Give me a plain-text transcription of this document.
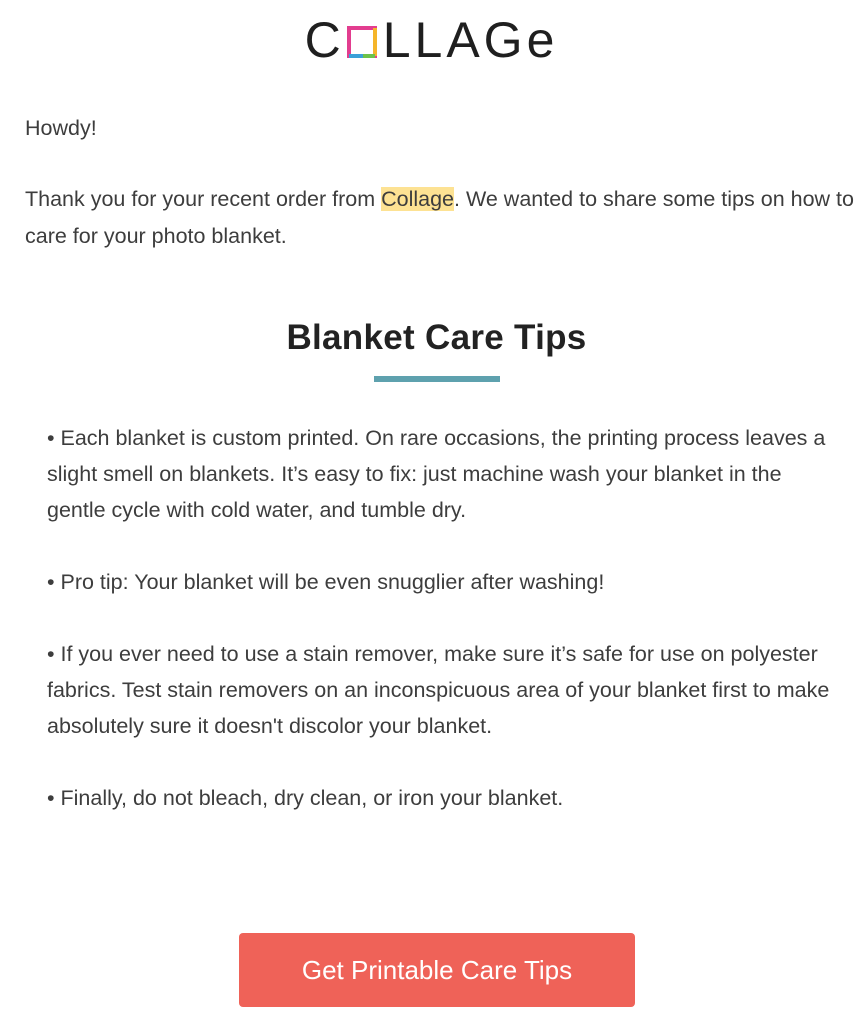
C LLAGe

Howdy!

Thank you for your recent order from Collage. We wanted to share some tips on how to care for your photo blanket.

Blanket Care Tips
• Each blanket is custom printed. On rare occasions, the printing process leaves a slight smell on blankets. It’s easy to fix: just machine wash your blanket in the gentle cycle with cold water, and tumble dry.
• Pro tip: Your blanket will be even snugglier after washing!
• If you ever need to use a stain remover, make sure it’s safe for use on polyester fabrics. Test stain removers on an inconspicuous area of your blanket first to make absolutely sure it doesn't discolor your blanket.
• Finally, do not bleach, dry clean, or iron your blanket.
Get Printable Care Tips
